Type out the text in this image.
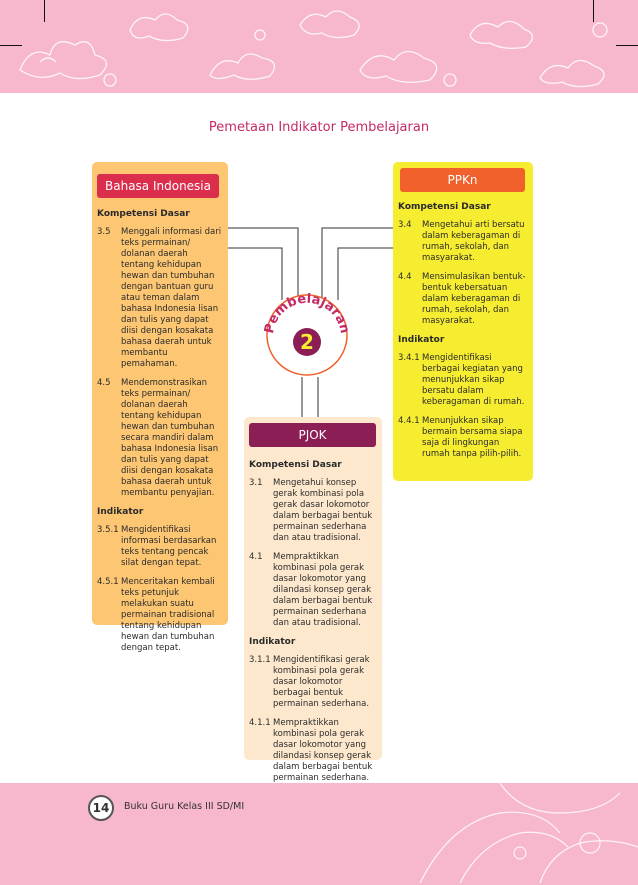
Pemetaan Indikator Pembelajaran
Pembelajaran
2
Bahasa Indonesia
Kompetensi Dasar
3.5	Menggali informasi dari teks permainan/ dolanan daerah tentang kehidupan hewan dan tumbuhan dengan bantuan guru atau teman dalam bahasa Indonesia lisan dan tulis yang dapat diisi dengan kosakata bahasa daerah untuk membantu pemahaman.
4.5	Mendemonstrasikan teks permainan/ dolanan daerah tentang kehidupan hewan dan tumbuhan secara mandiri dalam bahasa Indonesia lisan dan tulis yang dapat diisi dengan kosakata bahasa daerah untuk membantu penyajian.
Indikator
3.5.1 Mengidentifikasi informasi berdasarkan teks tentang pencak silat dengan tepat.
4.5.1 Menceritakan kembali teks petunjuk melakukan suatu permainan tradisional tentang kehidupan hewan dan tumbuhan dengan tepat.
PPKn
Kompetensi Dasar
3.4	Mengetahui arti bersatu dalam keberagaman di rumah, sekolah, dan masyarakat.
4.4	Mensimulasikan bentuk-bentuk kebersatuan dalam keberagaman di rumah, sekolah, dan masyarakat.
Indikator
3.4.1 Mengidentifikasi berbagai kegiatan yang menunjukkan sikap bersatu dalam keberagaman di rumah.
4.4.1 Menunjukkan sikap bermain bersama siapa saja di lingkungan rumah tanpa pilih-pilih.
PJOK
Kompetensi Dasar
3.1	Mengetahui konsep gerak kombinasi pola gerak dasar lokomotor dalam berbagai bentuk permainan sederhana dan atau tradisional.
4.1	Mempraktikkan kombinasi pola gerak dasar lokomotor yang dilandasi konsep gerak dalam berbagai bentuk permainan sederhana dan atau tradisional.
Indikator
3.1.1 Mengidentifikasi gerak kombinasi pola gerak dasar lokomotor berbagai bentuk permainan sederhana.
4.1.1 Mempraktikkan kombinasi pola gerak dasar lokomotor yang dilandasi konsep gerak dalam berbagai bentuk permainan sederhana.
14	Buku Guru Kelas III SD/MI
